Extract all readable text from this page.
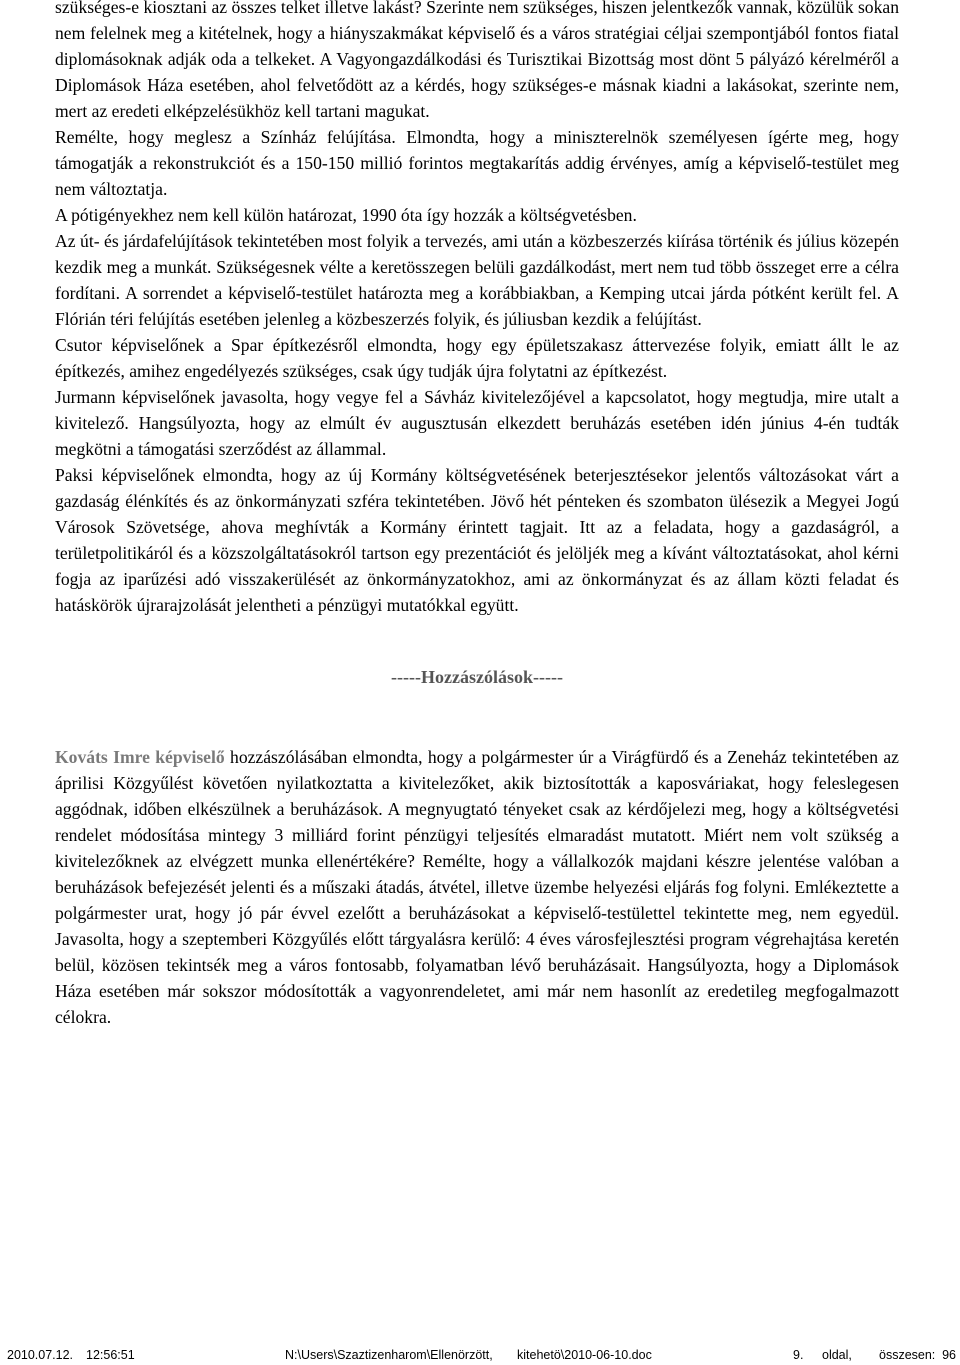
szükséges-e kiosztani az összes telket illetve lakást? Szerinte nem szükséges, hiszen jelentkezők vannak, közülük sokan nem felelnek meg a kitételnek, hogy a hiányszakmákat képviselő és a város stratégiai céljai szempontjából fontos fiatal diplomásoknak adják oda a telkeket. A Vagyongazdálkodási és Turisztikai Bizottság most dönt 5 pályázó kérelméről a Diplomások Háza esetében, ahol felvetődött az a kérdés, hogy szükséges-e másnak kiadni a lakásokat, szerinte nem, mert az eredeti elképzelésükhöz kell tartani magukat.

Remélte, hogy meglesz a Színház felújítása. Elmondta, hogy a miniszterelnök személyesen ígérte meg, hogy támogatják a rekonstrukciót és a 150-150 millió forintos megtakarítás addig érvényes, amíg a képviselő-testület meg nem változtatja.

A pótigényekhez nem kell külön határozat, 1990 óta így hozzák a költségvetésben.

Az út- és járdafelújítások tekintetében most folyik a tervezés, ami után a közbeszerzés kiírása történik és július közepén kezdik meg a munkát. Szükségesnek vélte a keretösszegen belüli gazdálkodást, mert nem tud több összeget erre a célra fordítani. A sorrendet a képviselő-testület határozta meg a korábbiakban, a Kemping utcai járda pótként került fel. A Flórián téri felújítás esetében jelenleg a közbeszerzés folyik, és júliusban kezdik a felújítást.

Csutor képviselőnek a Spar építkezésről elmondta, hogy egy épületszakasz áttervezése folyik, emiatt állt le az építkezés, amihez engedélyezés szükséges, csak úgy tudják újra folytatni az építkezést.

Jurmann képviselőnek javasolta, hogy vegye fel a Sávház kivitelezőjével a kapcsolatot, hogy megtudja, mire utalt a kivitelező. Hangsúlyozta, hogy az elmúlt év augusztusán elkezdett beruházás esetében idén június 4-én tudták megkötni a támogatási szerződést az állammal.

Paksi képviselőnek elmondta, hogy az új Kormány költségvetésének beterjesztésekor jelentős változásokat várt a gazdaság élénkítés és az önkormányzati szféra tekintetében. Jövő hét pénteken és szombaton ülésezik a Megyei Jogú Városok Szövetsége, ahova meghívták a Kormány érintett tagjait. Itt az a feladata, hogy a gazdaságról, a területpolitikáról és a közszolgáltatásokról tartson egy prezentációt és jelöljék meg a kívánt változtatásokat, ahol kérni fogja az iparűzési adó visszakerülését az önkormányzatokhoz, ami az önkormányzat és az állam közti feladat és hatáskörök újrarajzolását jelentheti a pénzügyi mutatókkal együtt.

-----Hozzászólások-----

Kováts Imre képviselő hozzászólásában elmondta, hogy a polgármester úr a Virágfürdő és a Zeneház tekintetében az áprilisi Közgyűlést követően nyilatkoztatta a kivitelezőket, akik biztosították a kaposváriakat, hogy feleslegesen aggódnak, időben elkészülnek a beruházások. A megnyugtató tényeket csak az kérdőjelezi meg, hogy a költségvetési rendelet módosítása mintegy 3 milliárd forint pénzügyi teljesítés elmaradást mutatott. Miért nem volt szükség a kivitelezőknek az elvégzett munka ellenértékére? Remélte, hogy a vállalkozók majdani készre jelentése valóban a beruházások befejezését jelenti és a műszaki átadás, átvétel, illetve üzembe helyezési eljárás fog folyni. Emlékeztette a polgármester urat, hogy jó pár évvel ezelőtt a beruházásokat a képviselő-testülettel tekintette meg, nem egyedül. Javasolta, hogy a szeptemberi Közgyűlés előtt tárgyalásra kerülő: 4 éves városfejlesztési program végrehajtása keretén belül, közösen tekintsék meg a város fontosabb, folyamatban lévő beruházásait. Hangsúlyozta, hogy a Diplomások Háza esetében már sokszor módosították a vagyonrendeletet, ami már nem hasonlít az eredetileg megfogalmazott célokra.

2010.07.12. 12:56:51	N:\Users\Szaztizenharom\Ellenörzött, kitehetö\2010-06-10.doc	9. oldal, összesen: 96
